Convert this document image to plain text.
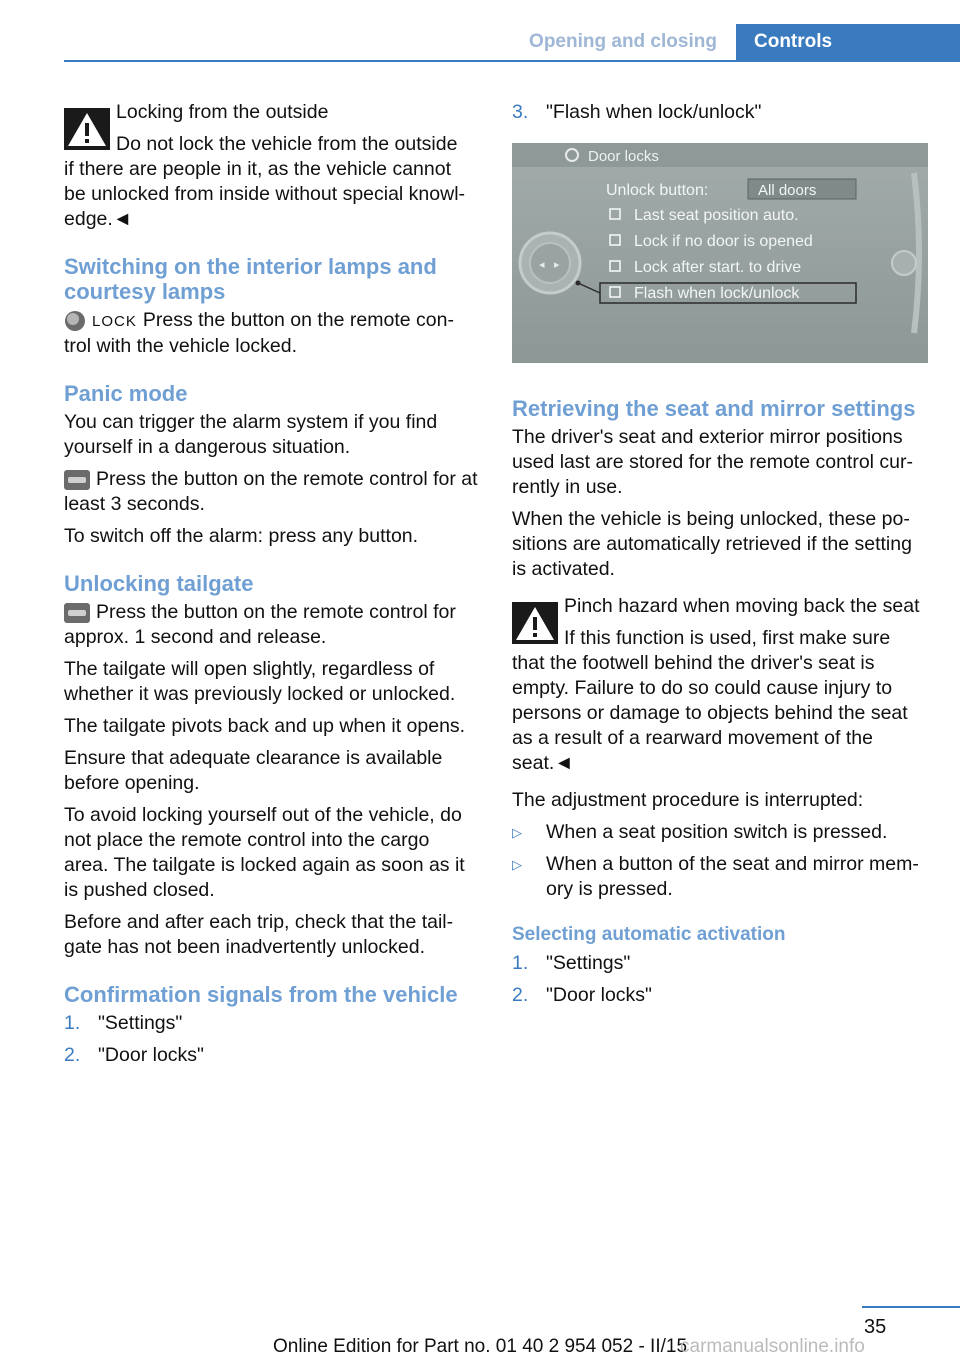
Opening and closing	Controls

Locking from the outside

Do not lock the vehicle from the outside

if there are people in it, as the vehicle cannot be unlocked from inside without special knowl-edge.◄

Switching on the interior lamps and courtesy lamps

LOCK Press the button on the remote con-trol with the vehicle locked.

Panic mode

You can trigger the alarm system if you find yourself in a dangerous situation.

Press the button on the remote control for at least 3 seconds.

To switch off the alarm: press any button.

Unlocking tailgate

Press the button on the remote control for approx. 1 second and release.

The tailgate will open slightly, regardless of whether it was previously locked or unlocked.

The tailgate pivots back and up when it opens.

Ensure that adequate clearance is available before opening.

To avoid locking yourself out of the vehicle, do not place the remote control into the cargo area. The tailgate is locked again as soon as it is pushed closed.

Before and after each trip, check that the tail-gate has not been inadvertently unlocked.

Confirmation signals from the vehicle
1. "Settings"
2. "Door locks"
3. "Flash when lock/unlock"
Door locks
Unlock button:	All doors
Last seat position auto.
Lock if no door is opened
Lock after start. to drive
Flash when lock/unlock
◂ ▸
Retrieving the seat and mirror settings

The driver's seat and exterior mirror positions used last are stored for the remote control cur-rently in use.

When the vehicle is being unlocked, these po-sitions are automatically retrieved if the setting is activated.

Pinch hazard when moving back the seat

If this function is used, first make sure

that the footwell behind the driver's seat is empty. Failure to do so could cause injury to persons or damage to objects behind the seat as a result of a rearward movement of the seat.◄

The adjustment procedure is interrupted:

▷ When a seat position switch is pressed.
▷ When a button of the seat and mirror mem-ory is pressed.
Selecting automatic activation
1. "Settings"
2. "Door locks"
35
Online Edition for Part no. 01 40 2 954 052 - II/15
carmanualsonline.info
